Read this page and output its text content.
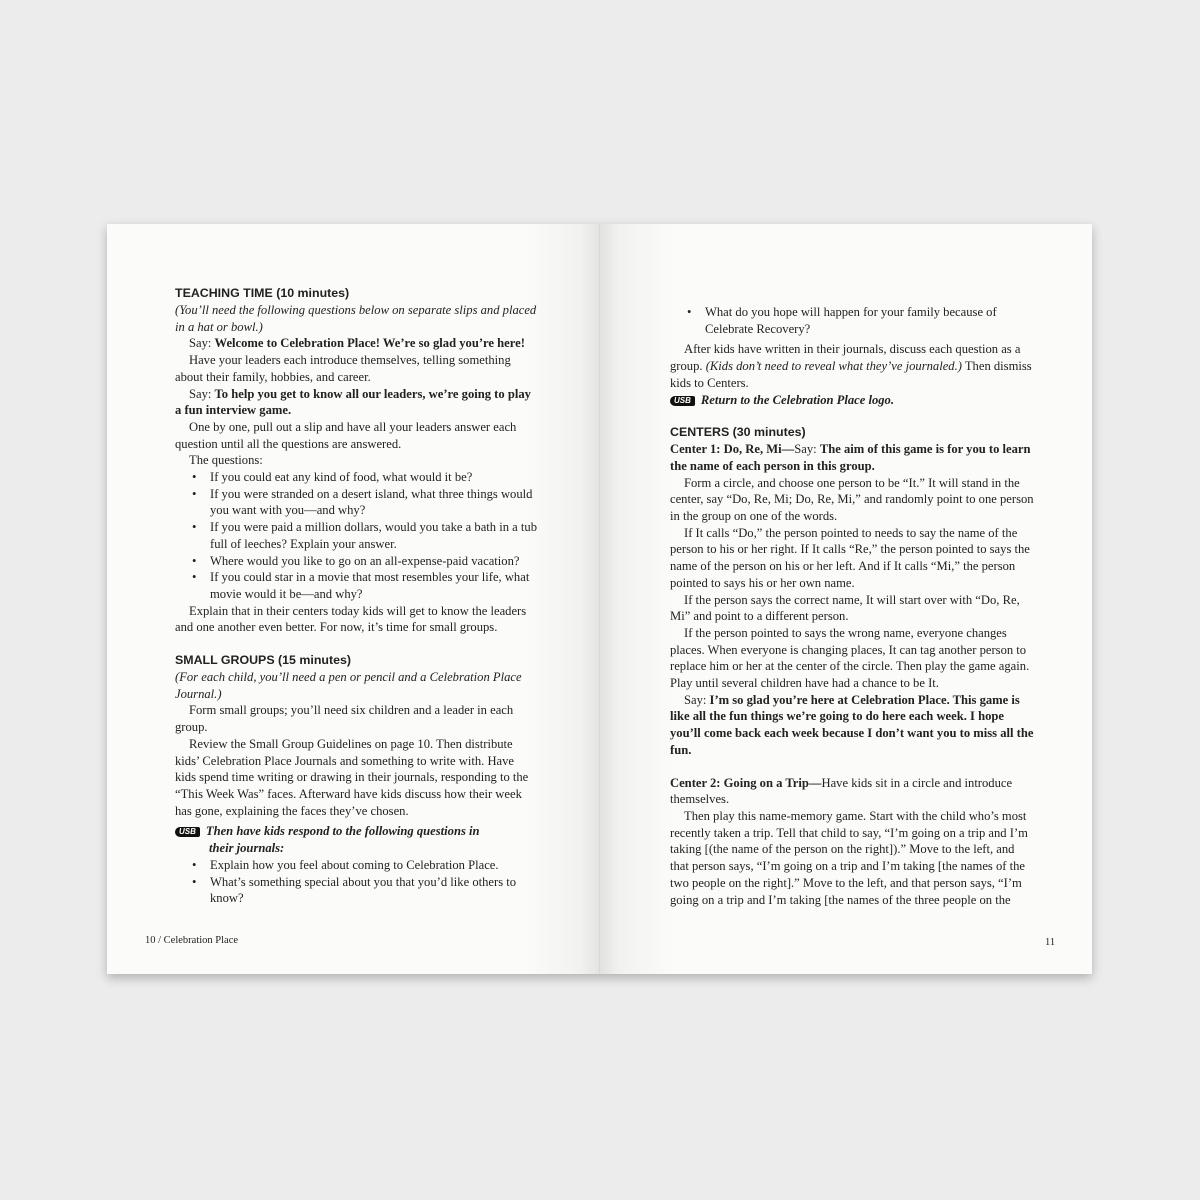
TEACHING TIME (10 minutes)

(You’ll need the following questions below on separate slips and placed in a hat or bowl.)

Say: Welcome to Celebration Place! We’re so glad you’re here!

Have your leaders each introduce themselves, telling something about their family, hobbies, and career.

Say: To help you get to know all our leaders, we’re going to play a fun interview game.

One by one, pull out a slip and have all your leaders answer each question until all the questions are answered.

The questions:

• If you could eat any kind of food, what would it be?
• If you were stranded on a desert island, what three things would you want with you—and why?
• If you were paid a million dollars, would you take a bath in a tub full of leeches? Explain your answer.
• Where would you like to go on an all-expense-paid vacation?
• If you could star in a movie that most resembles your life, what movie would it be—and why?

Explain that in their centers today kids will get to know the leaders and one another even better. For now, it’s time for small groups.

SMALL GROUPS (15 minutes)

(For each child, you’ll need a pen or pencil and a Celebration Place Journal.)

Form small groups; you’ll need six children and a leader in each group.

Review the Small Group Guidelines on page 10. Then distribute kids’ Celebration Place Journals and something to write with. Have kids spend time writing or drawing in their journals, responding to the “This Week Was” faces. Afterward have kids discuss how their week has gone, explaining the faces they’ve chosen.

USB Then have kids respond to the following questions in
their journals:

• Explain how you feel about coming to Celebration Place.
• What’s something special about you that you’d like others to know?
10 / Celebration Place
• What do you hope will happen for your family because of Celebrate Recovery?

After kids have written in their journals, discuss each question as a group. (Kids don’t need to reveal what they’ve journaled.) Then dismiss kids to Centers.

USB Return to the Celebration Place logo.

CENTERS (30 minutes)

Center 1: Do, Re, Mi—Say: The aim of this game is for you to learn the name of each person in this group.

Form a circle, and choose one person to be “It.” It will stand in the center, say “Do, Re, Mi; Do, Re, Mi,” and randomly point to one person in the group on one of the words.

If It calls “Do,” the person pointed to needs to say the name of the person to his or her right. If It calls “Re,” the person pointed to says the name of the person on his or her left. And if It calls “Mi,” the person pointed to says his or her own name.

If the person says the correct name, It will start over with “Do, Re, Mi” and point to a different person.

If the person pointed to says the wrong name, everyone changes places. When everyone is changing places, It can tag another person to replace him or her at the center of the circle. Then play the game again. Play until several children have had a chance to be It.

Say: I’m so glad you’re here at Celebration Place. This game is like all the fun things we’re going to do here each week. I hope you’ll come back each week because I don’t want you to miss all the fun.

Center 2: Going on a Trip—Have kids sit in a circle and introduce themselves.

Then play this name-memory game. Start with the child who’s most recently taken a trip. Tell that child to say, “I’m going on a trip and I’m taking [(the name of the person on the right]).” Move to the left, and that person says, “I’m going on a trip and I’m taking [the names of the two people on the right].” Move to the left, and that person says, “I’m going on a trip and I’m taking [the names of the three people on the

11
